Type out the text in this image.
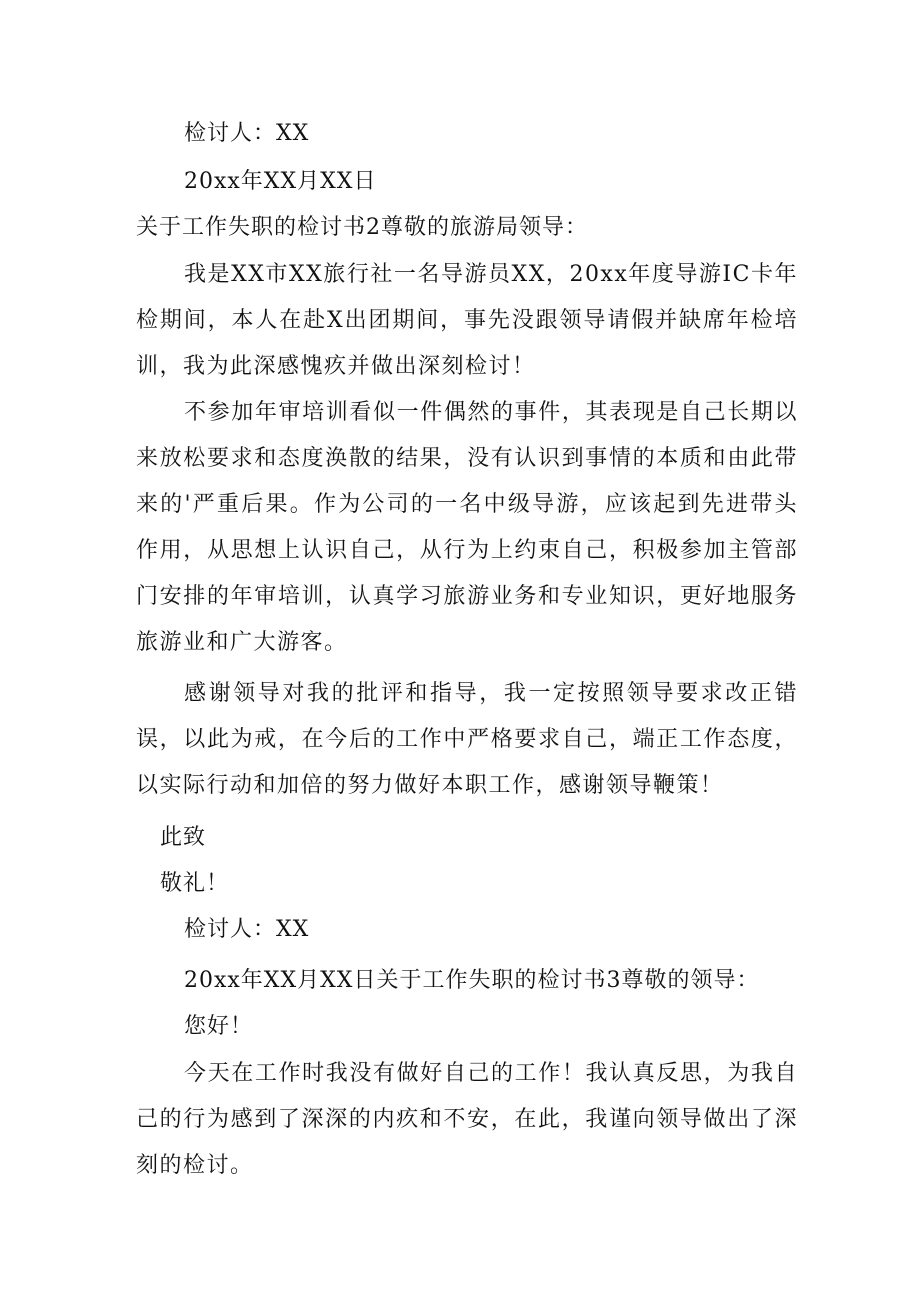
检讨人：XX
20xx年XX月XX日
关于工作失职的检讨书2尊敬的旅游局领导：
我是XX市XX旅行社一名导游员XX，20xx年度导游IC卡年检期间，本人在赴X出团期间，事先没跟领导请假并缺席年检培训，我为此深感愧疚并做出深刻检讨！
不参加年审培训看似一件偶然的事件，其表现是自己长期以来放松要求和态度涣散的结果，没有认识到事情的本质和由此带来的'严重后果。作为公司的一名中级导游，应该起到先进带头作用，从思想上认识自己，从行为上约束自己，积极参加主管部门安排的年审培训，认真学习旅游业务和专业知识，更好地服务旅游业和广大游客。
感谢领导对我的批评和指导，我一定按照领导要求改正错误，以此为戒，在今后的工作中严格要求自己，端正工作态度，以实际行动和加倍的努力做好本职工作，感谢领导鞭策！
此致
敬礼！
检讨人：XX
20xx年XX月XX日关于工作失职的检讨书3尊敬的领导：
您好！
今天在工作时我没有做好自己的工作！我认真反思，为我自己的行为感到了深深的内疚和不安，在此，我谨向领导做出了深刻的检讨。
